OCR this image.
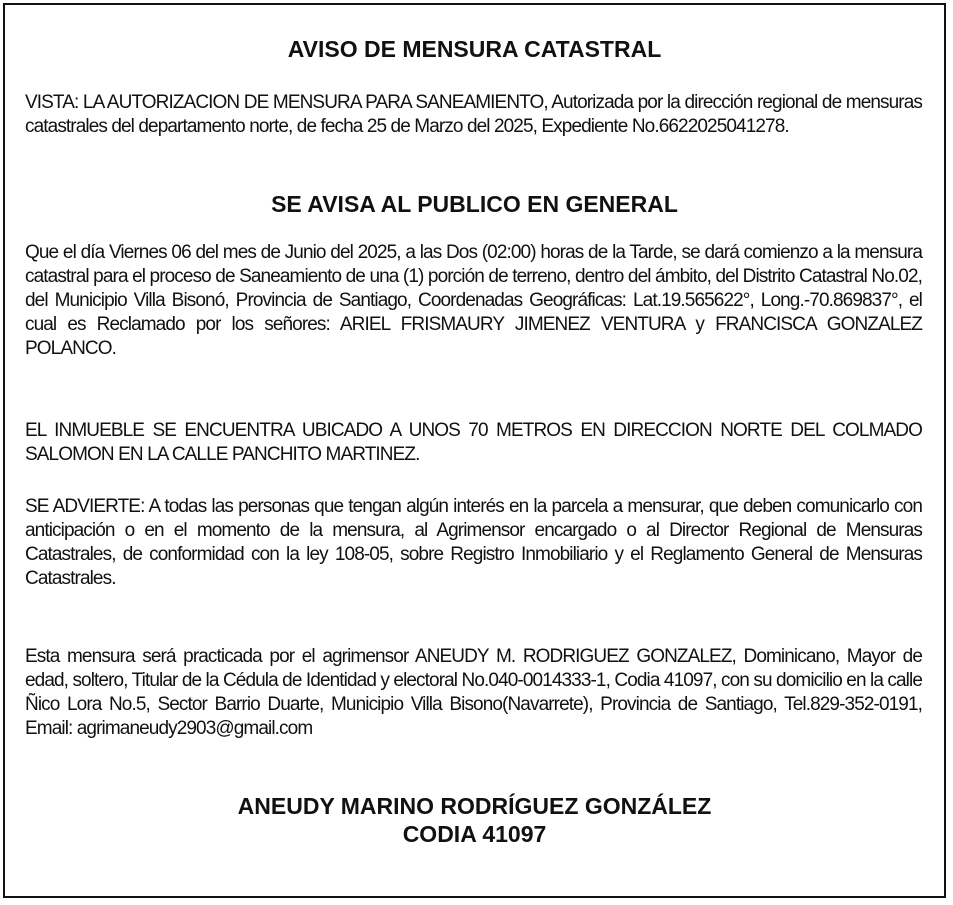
AVISO DE MENSURA CATASTRAL

VISTA: LA AUTORIZACION DE MENSURA PARA SANEAMIENTO, Autorizada por la dirección regional de mensuras catastrales del departamento norte, de fecha 25 de Marzo del 2025, Expediente No.6622025041278.

SE AVISA AL PUBLICO EN GENERAL

Que el día Viernes 06 del mes de Junio del 2025, a las Dos (02:00) horas de la Tarde, se dará comienzo a la mensura catastral para el proceso de Saneamiento de una (1) porción de terreno, dentro del ámbito, del Distrito Catastral No.02, del Municipio Villa Bisonó, Provincia de Santiago, Coordenadas Geográficas: Lat.19.565622°, Long.-70.869837°, el cual es Reclamado por los señores: ARIEL FRISMAURY JIMENEZ VENTURA y FRANCISCA GONZALEZ POLANCO.

EL INMUEBLE SE ENCUENTRA UBICADO A UNOS 70 METROS EN DIRECCION NORTE DEL COLMADO SALOMON EN LA CALLE PANCHITO MARTINEZ.

SE ADVIERTE: A todas las personas que tengan algún interés en la parcela a mensurar, que deben comunicarlo con anticipación o en el momento de la mensura, al Agrimensor encargado o al Director Regional de Mensuras Catastrales, de conformidad con la ley 108-05, sobre Registro Inmobiliario y el Reglamento General de Mensuras Catastrales.

Esta mensura será practicada por el agrimensor ANEUDY M. RODRIGUEZ GONZALEZ, Dominicano, Mayor de edad, soltero, Titular de la Cédula de Identidad y electoral No.040-0014333-1, Codia 41097, con su domicilio en la calle Ñico Lora No.5, Sector Barrio Duarte, Municipio Villa Bisono(Navarrete), Provincia de Santiago, Tel.829-352-0191, Email: agrimaneudy2903@gmail.com

ANEUDY MARINO RODRÍGUEZ GONZÁLEZ
CODIA 41097
